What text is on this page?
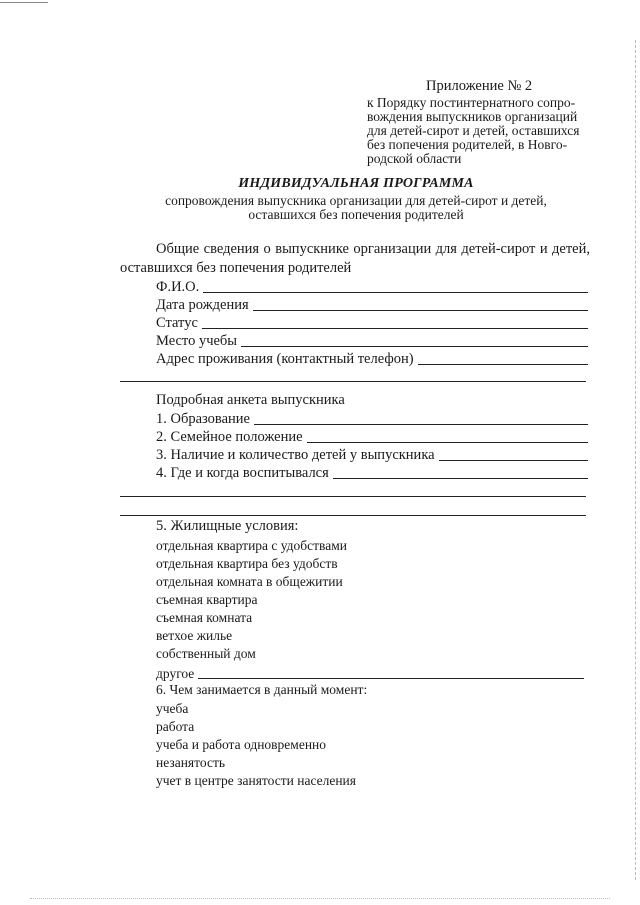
Приложение № 2
к Порядку постинтернатного сопро-
вождения выпускников организаций
для детей-сирот и детей, оставшихся
без попечения родителей, в Новго-
родской области
ИНДИВИДУАЛЬНАЯ ПРОГРАММА
сопровождения выпускника организации для детей-сирот и детей,
оставшихся без попечения родителей
Общие сведения о выпускнике организации для детей-сирот и детей, оставшихся без попечения родителей
Ф.И.О.
Дата рождения
Статус
Место учебы
Адрес проживания (контактный телефон)
Подробная анкета выпускника
1. Образование
2. Семейное положение
3. Наличие и количество детей у выпускника
4. Где и когда воспитывался
5. Жилищные условия:
отдельная квартира с удобствами
отдельная квартира без удобств
отдельная комната в общежитии
съемная квартира
съемная комната
ветхое жилье
собственный дом
другое
6. Чем занимается в данный момент:
учеба
работа
учеба и работа одновременно
незанятость
учет в центре занятости населения
